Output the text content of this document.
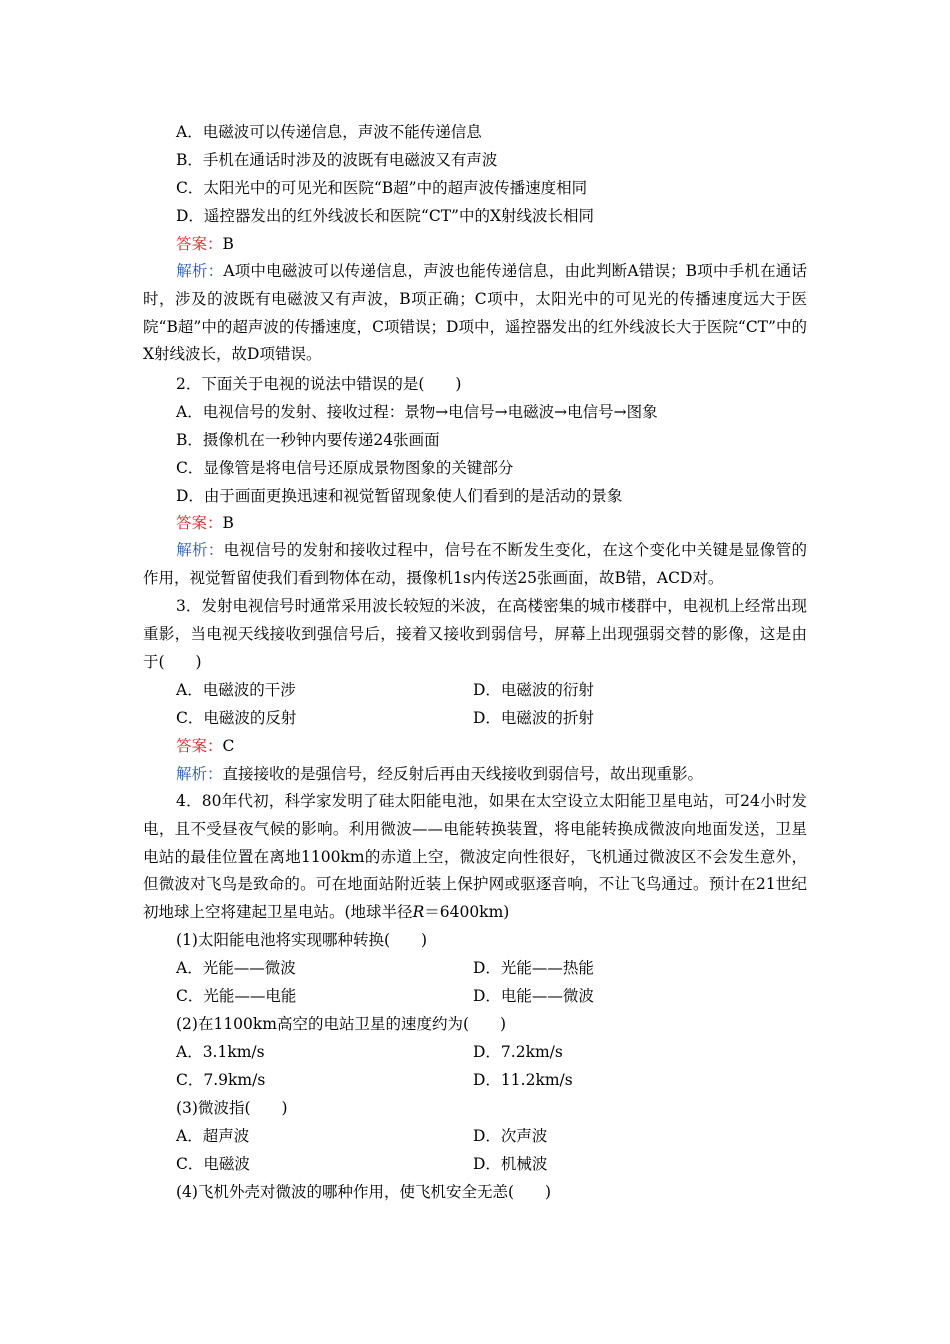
A．电磁波可以传递信息，声波不能传递信息
B．手机在通话时涉及的波既有电磁波又有声波
C．太阳光中的可见光和医院“B超”中的超声波传播速度相同
D．遥控器发出的红外线波长和医院“CT”中的X射线波长相同
答案：B
解析：A项中电磁波可以传递信息，声波也能传递信息，由此判断A错误；B项中手机在通话时，涉及的波既有电磁波又有声波，B项正确；C项中，太阳光中的可见光的传播速度远大于医院“B超”中的超声波的传播速度，C项错误；D项中，遥控器发出的红外线波长大于医院“CT”中的X射线波长，故D项错误。
2．下面关于电视的说法中错误的是(　　)
A．电视信号的发射、接收过程：景物→电信号→电磁波→电信号→图象
B．摄像机在一秒钟内要传递24张画面
C．显像管是将电信号还原成景物图象的关键部分
D．由于画面更换迅速和视觉暂留现象使人们看到的是活动的景象
答案：B
解析：电视信号的发射和接收过程中，信号在不断发生变化，在这个变化中关键是显像管的作用，视觉暂留使我们看到物体在动，摄像机1s内传送25张画面，故B错，ACD对。
3．发射电视信号时通常采用波长较短的米波，在高楼密集的城市楼群中，电视机上经常出现重影，当电视天线接收到强信号后，接着又接收到弱信号，屏幕上出现强弱交替的影像，这是由于(　　)
A．电磁波的干涉	D．电磁波的衍射
C．电磁波的反射	D．电磁波的折射
答案：C
解析：直接接收的是强信号，经反射后再由天线接收到弱信号，故出现重影。
4．80年代初，科学家发明了硅太阳能电池，如果在太空设立太阳能卫星电站，可24小时发电，且不受昼夜气候的影响。利用微波——电能转换装置，将电能转换成微波向地面发送，卫星电站的最佳位置在离地1100km的赤道上空，微波定向性很好，飞机通过微波区不会发生意外，但微波对飞鸟是致命的。可在地面站附近装上保护网或驱逐音响，不让飞鸟通过。预计在21世纪初地球上空将建起卫星电站。(地球半径R＝6400km)
(1)太阳能电池将实现哪种转换(　　)
A．光能——微波	D．光能——热能
C．光能——电能	D．电能——微波
(2)在1100km高空的电站卫星的速度约为(　　)
A．3.1km/s	D．7.2km/s
C．7.9km/s	D．11.2km/s
(3)微波指(　　)
A．超声波	D．次声波
C．电磁波	D．机械波
(4)飞机外壳对微波的哪种作用，使飞机安全无恙(　　)
